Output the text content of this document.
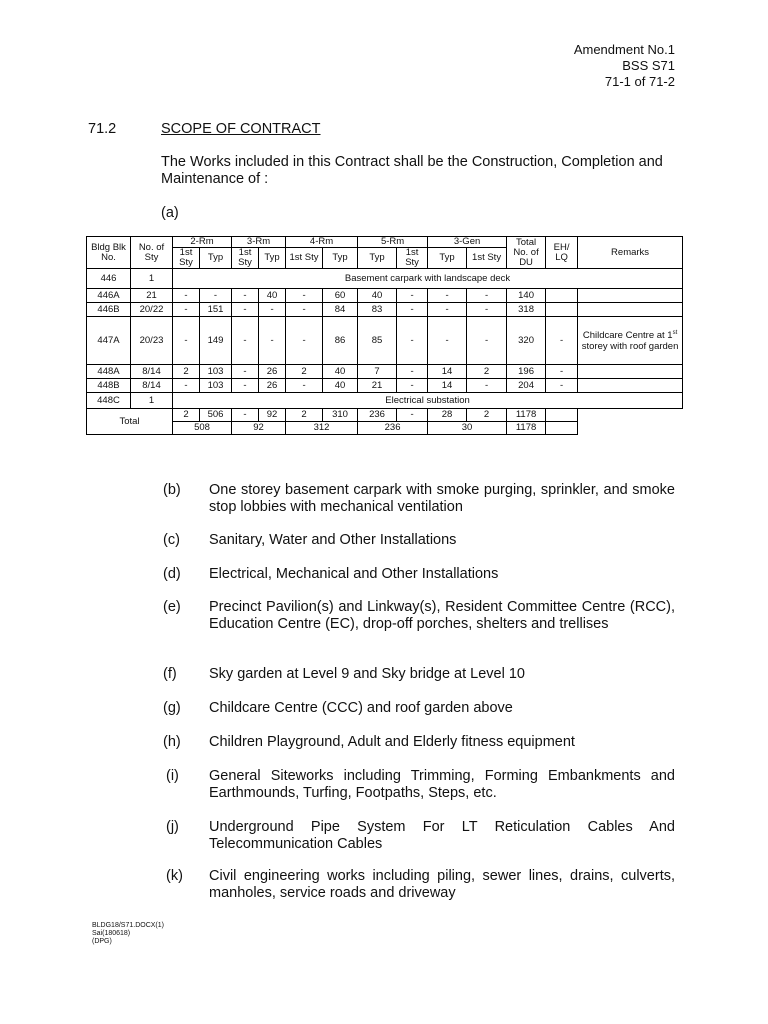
Amendment No.1
BSS S71
71-1 of 71-2
71.2	SCOPE OF CONTRACT
The Works included in this Contract shall be the Construction, Completion and Maintenance of :
(a)
Bldg Blk No.	No. of Sty	2-Rm		3-Rm		4-Rm		5-Rm		3-Gen		Total No. of DU	EH/ LQ	Remarks
		1st Sty	Typ	1st Sty	Typ	1st Sty	Typ	Typ	1st Sty	Typ	1st Sty			
446	1	Basement carpark with landscape deck												
446A	21	-	-	-	40	-	60	40	-	-	-	140		
446B	20/22	-	151	-	-	-	84	83	-	-	-	318		
447A	20/23	-	149	-	-	-	86	85	-	-	-	320	-	Childcare Centre at 1st storey with roof garden
448A	8/14	2	103	-	26	2	40	7	-	14	2	196	-	
448B	8/14	-	103	-	26	-	40	21	-	14	-	204	-	
448C	1	Electrical substation												
Total		2	506	-	92	2	310	236	-	28	2	1178		
		508		92		312		236		30		1178		
(b) One storey basement carpark with smoke purging, sprinkler, and smoke stop lobbies with mechanical ventilation
(c) Sanitary, Water and Other Installations
(d) Electrical, Mechanical and Other Installations
(e) Precinct Pavilion(s) and Linkway(s), Resident Committee Centre (RCC), Education Centre (EC), drop-off porches, shelters and trellises
(f) Sky garden at Level 9 and Sky bridge at Level 10
(g) Childcare Centre (CCC) and roof garden above
(h) Children Playground, Adult and Elderly fitness equipment
(i) General Siteworks including Trimming, Forming Embankments and Earthmounds, Turfing, Footpaths, Steps, etc.
(j) Underground Pipe System For LT Reticulation Cables And Telecommunication Cables
(k) Civil engineering works including piling, sewer lines, drains, culverts, manholes, service roads and driveway
BLDG18/S71.DOCX(1)
Sai(180618)
(DPG)
